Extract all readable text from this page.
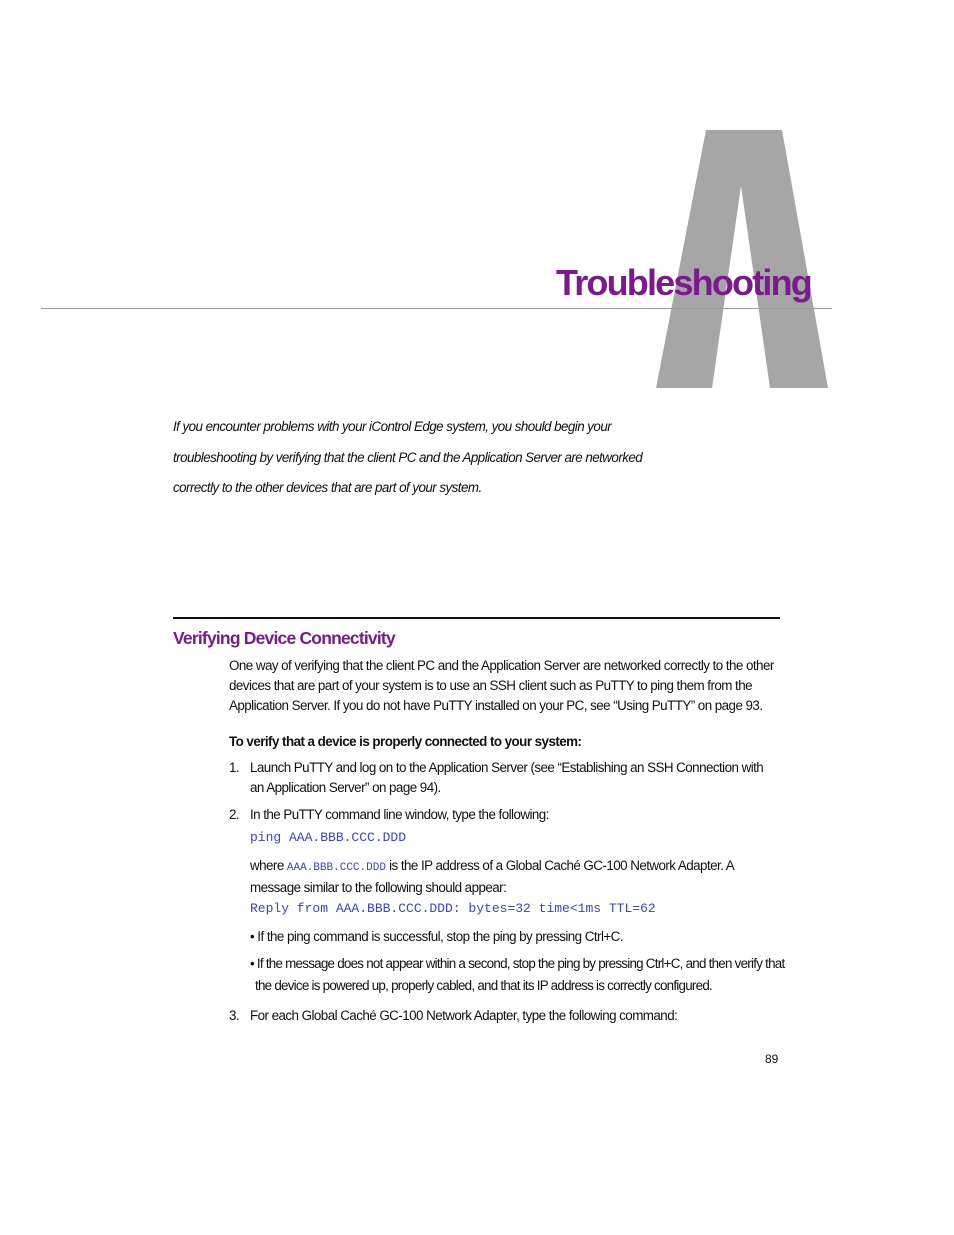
Troubleshooting

If you encounter problems with your iControl Edge system, you should begin your troubleshooting by verifying that the client PC and the Application Server are networked correctly to the other devices that are part of your system.

Verifying Device Connectivity

One way of verifying that the client PC and the Application Server are networked correctly to the other devices that are part of your system is to use an SSH client such as PuTTY to ping them from the Application Server. If you do not have PuTTY installed on your PC, see “Using PuTTY” on page 93.

To verify that a device is properly connected to your system:

1. Launch PuTTY and log on to the Application Server (see “Establishing an SSH Connection with an Application Server” on page 94).
2. In the PuTTY command line window, type the following:

ping AAA.BBB.CCC.DDD

where AAA.BBB.CCC.DDD is the IP address of a Global Caché GC-100 Network Adapter. A message similar to the following should appear:

Reply from AAA.BBB.CCC.DDD: bytes=32 time<1ms TTL=62

• If the ping command is successful, stop the ping by pressing Ctrl+C.

• If the message does not appear within a second, stop the ping by pressing Ctrl+C, and then verify that
the device is powered up, properly cabled, and that its IP address is correctly configured.
3. For each Global Caché GC-100 Network Adapter, type the following command:

89
